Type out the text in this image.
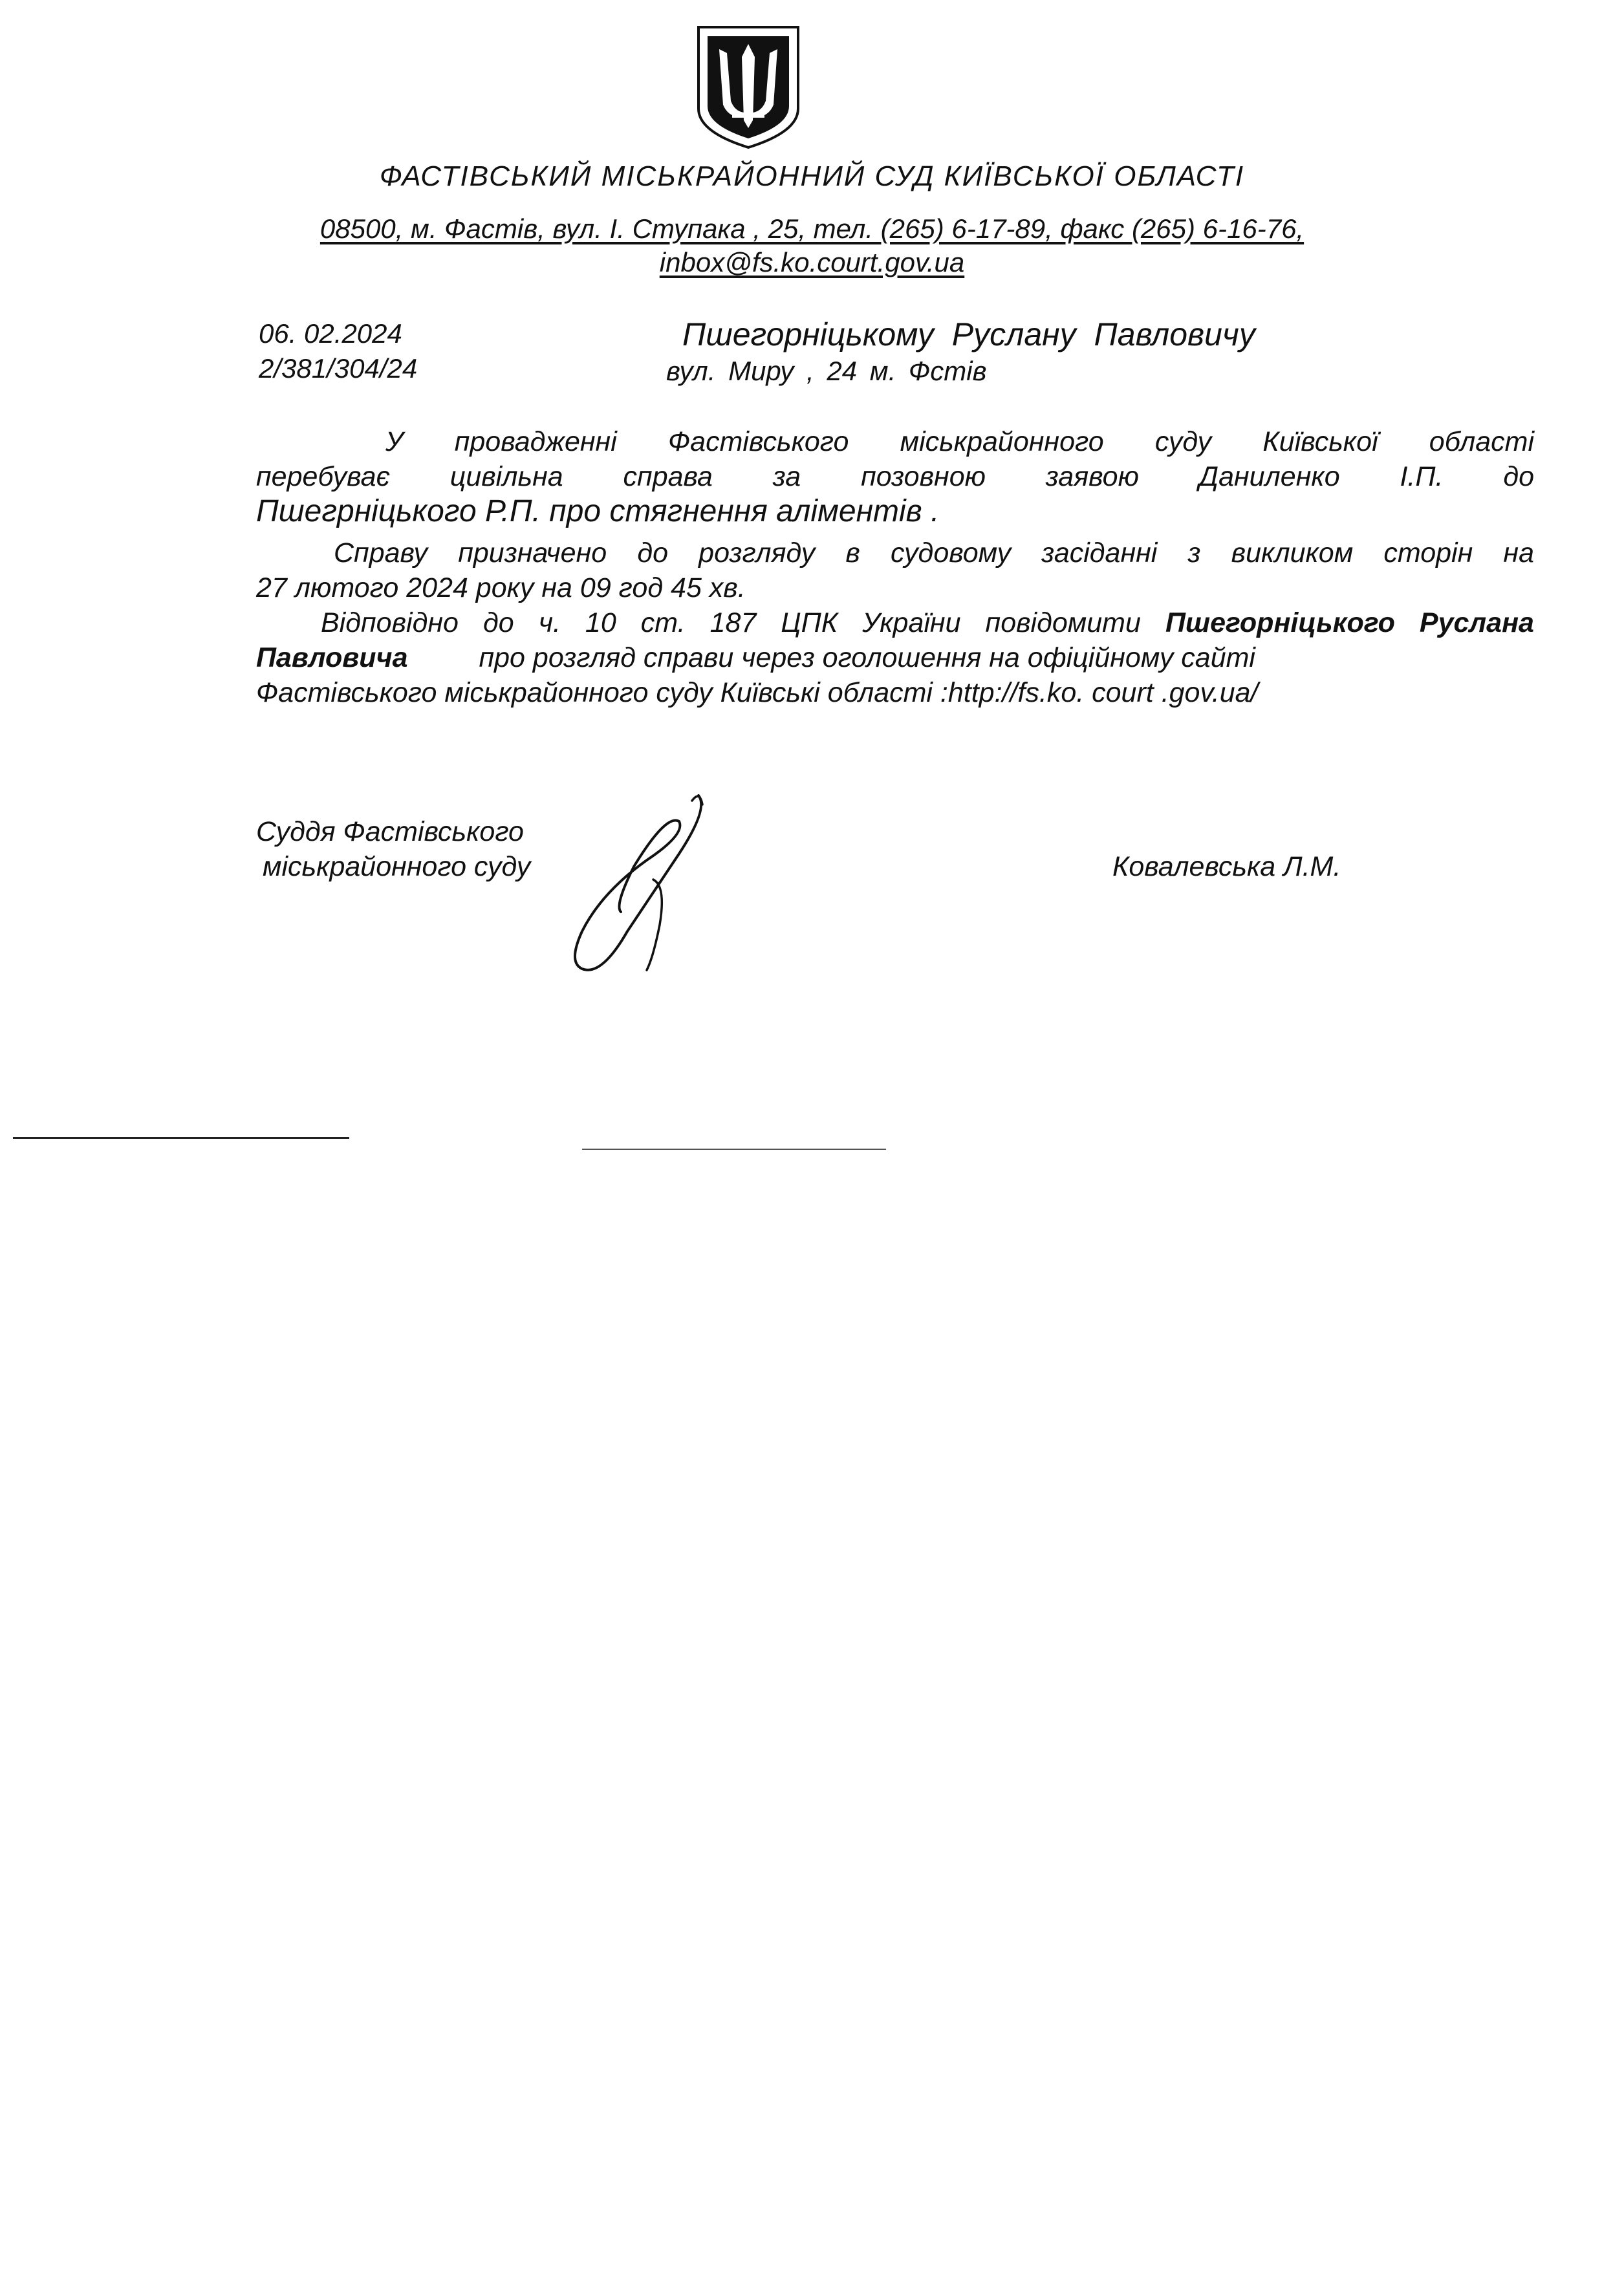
ФАСТІВСЬКИЙ МІСЬКРАЙОННИЙ СУД КИЇВСЬКОЇ ОБЛАСТІ
08500, м. Фастів, вул. І. Ступака , 25, тел. (265) 6-17-89, факс (265) 6-16-76,
inbox@fs.ko.court.gov.ua
06. 02.2024
2/381/304/24
Пшегорніцькому Руслану Павловичу
вул. Миру , 24 м. Фстів
У провадженні Фастівського міськрайонного суду Київської області
перебуває цивільна справа за позовною заявою Даниленко І.П. до
Пшегрніцького Р.П. про стягнення аліментів .
Справу призначено до розгляду в судовому засіданні з викликом сторін на
27 лютого 2024 року на 09 год 45 хв.
Відповідно до ч. 10 ст. 187 ЦПК України повідомити Пшегорніцького Руслана
Павловича	про розгляд справи через оголошення на офіційному сайті
Фастівського міськрайонного суду Київські області :http://fs.ko. court .gov.ua/
Суддя Фастівського
міськрайонного суду	Ковалевська Л.М.
